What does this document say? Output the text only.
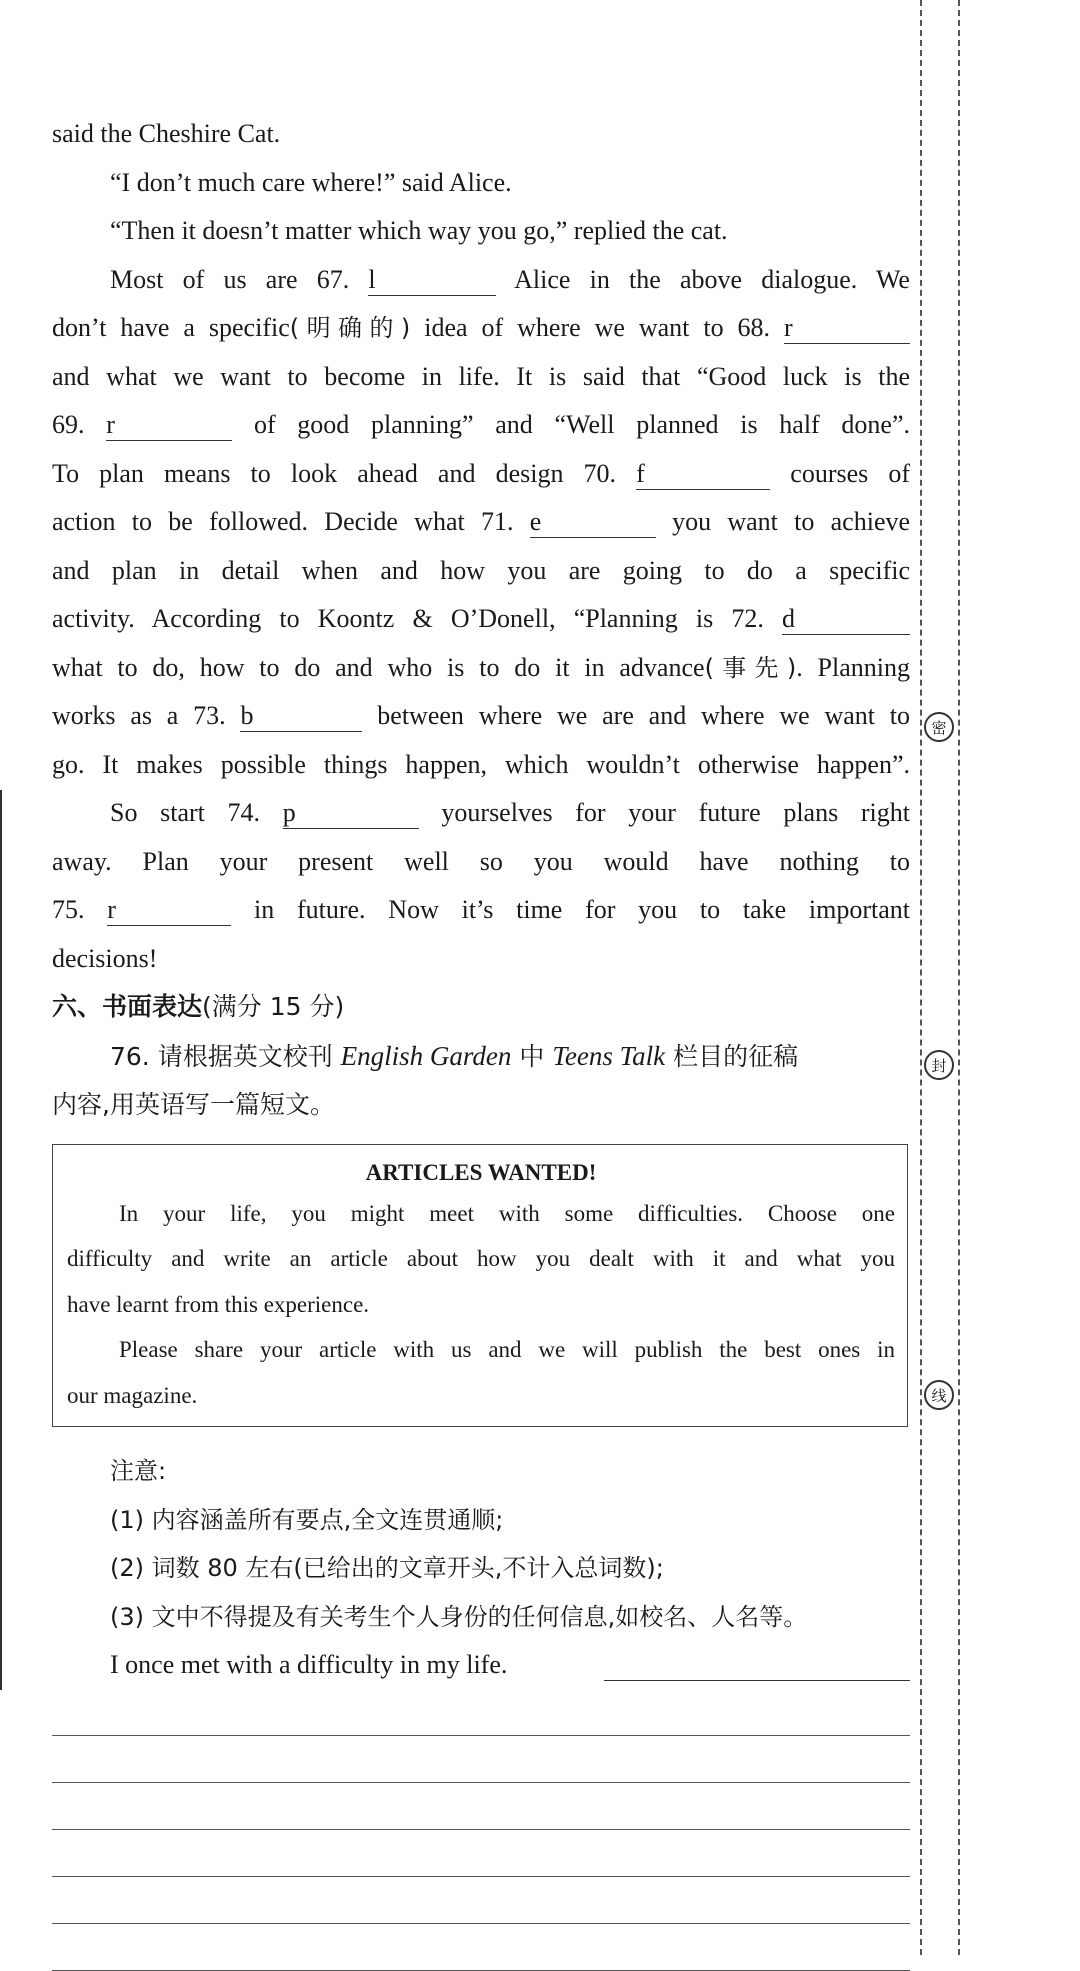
密
封
线

said the Cheshire Cat.

“I don’t much care where!” said Alice.

“Then it doesn’t matter which way you go,” replied the cat.

Most of us are 67. l	Alice in the above dialogue. We

don’t have a specific(明确的) idea of where we want to 68. r

and what we want to become in life. It is said that “Good luck is the

69. r	of good planning” and “Well planned is half done”.

To plan means to look ahead and design 70. f	courses of

action to be followed. Decide what 71. e	you want to achieve

and plan in detail when and how you are going to do a specific

activity. According to Koontz & O’Donell, “Planning is 72. d

what to do, how to do and who is to do it in advance(事先). Planning

works as a 73. b	between where we are and where we want to

go. It makes possible things happen, which wouldn’t otherwise happen”.

So start 74. p	yourselves for your future plans right

away. Plan your present well so you would have nothing to

75. r	in future. Now it’s time for you to take important

decisions!

六、书面表达(满分 15 分)

76. 请根据英文校刊 English Garden 中 Teens Talk 栏目的征稿

内容,用英语写一篇短文。

ARTICLES WANTED!

In your life, you might meet with some difficulties. Choose one

difficulty and write an article about how you dealt with it and what you

have learnt from this experience.

Please share your article with us and we will publish the best ones in

our magazine.

注意:

(1) 内容涵盖所有要点,全文连贯通顺;

(2) 词数 80 左右(已给出的文章开头,不计入总词数);

(3) 文中不得提及有关考生个人身份的任何信息,如校名、人名等。

I once met with a difficulty in my life.
